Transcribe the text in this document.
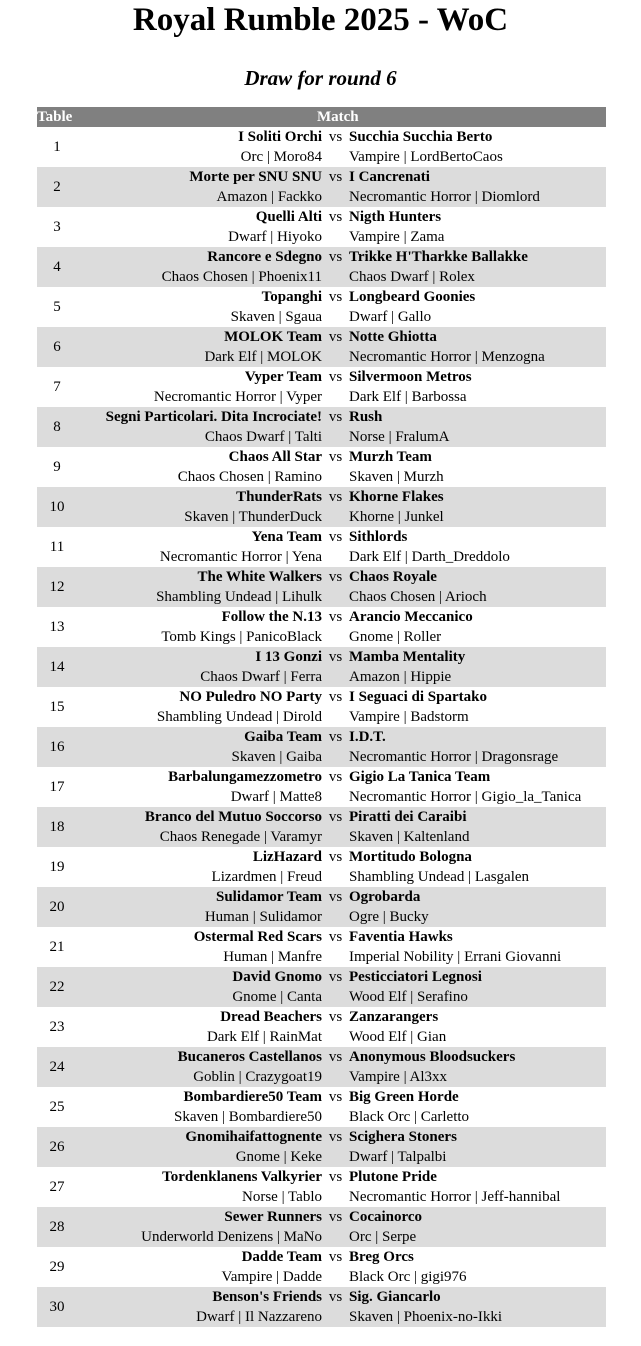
Royal Rumble 2025 - WoC
Draw for round 6
Table	Match
1	I Soliti Orchi
Orc | Moro84
vs Succhia Succhia Berto
Vampire | LordBertoCaos

2	Morte per SNU SNU
Amazon | Fackko
vs I Cancrenati
Necromantic Horror | Diomlord

3	Quelli Alti
Dwarf | Hiyoko
vs Nigth Hunters
Vampire | Zama

4	Rancore e Sdegno
Chaos Chosen | Phoenix11
vs Trikke H'Tharkke Ballakke
Chaos Dwarf | Rolex

5	Topanghi
Skaven | Sgaua
vs Longbeard Goonies
Dwarf | Gallo

6	MOLOK Team
Dark Elf | MOLOK
vs Notte Ghiotta
Necromantic Horror | Menzogna

7	Vyper Team
Necromantic Horror | Vyper
vs Silvermoon Metros
Dark Elf | Barbossa

8	Segni Particolari. Dita Incrociate!
Chaos Dwarf | Talti
vs Rush
Norse | FralumA

9	Chaos All Star
Chaos Chosen | Ramino
vs Murzh Team
Skaven | Murzh

10	ThunderRats
Skaven | ThunderDuck
vs Khorne Flakes
Khorne | Junkel

11	Yena Team
Necromantic Horror | Yena
vs Sithlords
Dark Elf | Darth_Dreddolo

12	The White Walkers
Shambling Undead | Lihulk
vs Chaos Royale
Chaos Chosen | Arioch

13	Follow the N.13
Tomb Kings | PanicoBlack
vs Arancio Meccanico
Gnome | Roller

14	I 13 Gonzi
Chaos Dwarf | Ferra
vs Mamba Mentality
Amazon | Hippie

15	NO Puledro NO Party
Shambling Undead | Dirold
vs I Seguaci di Spartako
Vampire | Badstorm

16	Gaiba Team
Skaven | Gaiba
vs I.D.T.
Necromantic Horror | Dragonsrage

17	Barbalungamezzometro
Dwarf | Matte8
vs Gigio La Tanica Team
Necromantic Horror | Gigio_la_Tanica

18	Branco del Mutuo Soccorso
Chaos Renegade | Varamyr
vs Piratti dei Caraibi
Skaven | Kaltenland

19	LizHazard
Lizardmen | Freud
vs Mortitudo Bologna
Shambling Undead | Lasgalen

20	Sulidamor Team
Human | Sulidamor
vs Ogrobarda
Ogre | Bucky

21	Ostermal Red Scars
Human | Manfre
vs Faventia Hawks
Imperial Nobility | Errani Giovanni

22	David Gnomo
Gnome | Canta
vs Pesticciatori Legnosi
Wood Elf | Serafino

23	Dread Beachers
Dark Elf | RainMat
vs Zanzarangers
Wood Elf | Gian

24	Bucaneros Castellanos
Goblin | Crazygoat19
vs Anonymous Bloodsuckers
Vampire | Al3xx

25	Bombardiere50 Team
Skaven | Bombardiere50
vs Big Green Horde
Black Orc | Carletto

26	Gnomihaifattognente
Gnome | Keke
vs Scighera Stoners
Dwarf | Talpalbi

27	Tordenklanens Valkyrier
Norse | Tablo
vs Plutone Pride
Necromantic Horror | Jeff-hannibal

28	Sewer Runners
Underworld Denizens | MaNo
vs Cocainorco
Orc | Serpe

29	Dadde Team
Vampire | Dadde
vs Breg Orcs
Black Orc | gigi976

30	Benson's Friends
Dwarf | Il Nazzareno
vs Sig. Giancarlo
Skaven | Phoenix-no-Ikki
